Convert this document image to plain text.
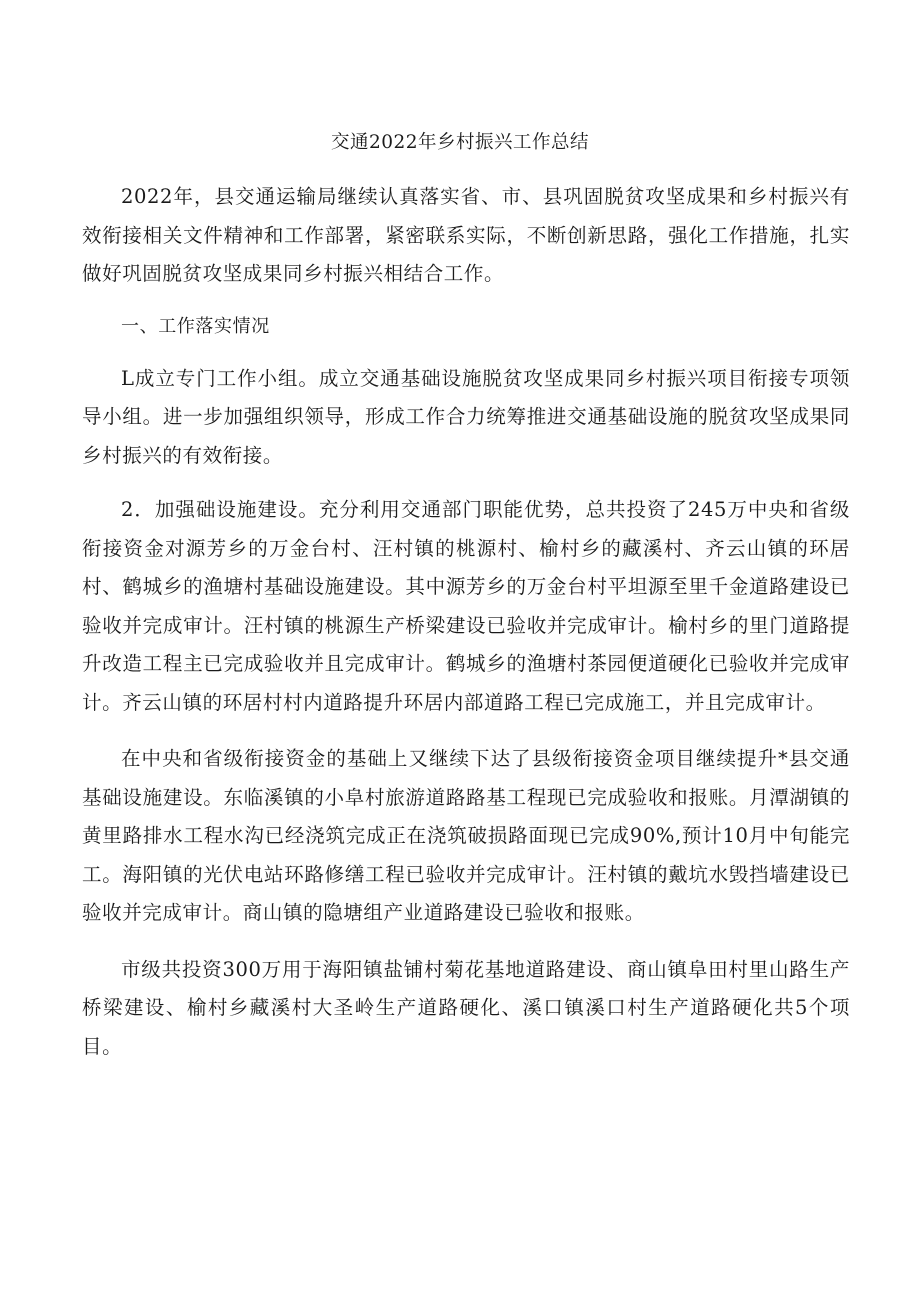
交通2022年乡村振兴工作总结

2022年，县交通运输局继续认真落实省、市、县巩固脱贫攻坚成果和乡村振兴有效衔接相关文件精神和工作部署，紧密联系实际，不断创新思路，强化工作措施，扎实做好巩固脱贫攻坚成果同乡村振兴相结合工作。

一、工作落实情况

L成立专门工作小组。成立交通基础设施脱贫攻坚成果同乡村振兴项目衔接专项领导小组。进一步加强组织领导，形成工作合力统筹推进交通基础设施的脱贫攻坚成果同乡村振兴的有效衔接。

2．加强础设施建设。充分利用交通部门职能优势，总共投资了245万中央和省级衔接资金对源芳乡的万金台村、汪村镇的桃源村、榆村乡的藏溪村、齐云山镇的环居村、鹤城乡的渔塘村基础设施建设。其中源芳乡的万金台村平坦源至里千金道路建设已验收并完成审计。汪村镇的桃源生产桥梁建设已验收并完成审计。榆村乡的里门道路提升改造工程主已完成验收并且完成审计。鹤城乡的渔塘村茶园便道硬化已验收并完成审计。齐云山镇的环居村村内道路提升环居内部道路工程已完成施工，并且完成审计。

在中央和省级衔接资金的基础上又继续下达了县级衔接资金项目继续提升*县交通基础设施建设。东临溪镇的小阜村旅游道路路基工程现已完成验收和报账。月潭湖镇的黄里路排水工程水沟已经浇筑完成正在浇筑破损路面现已完成90%,预计10月中旬能完工。海阳镇的光伏电站环路修缮工程已验收并完成审计。汪村镇的戴坑水毁挡墙建设已验收并完成审计。商山镇的隐塘组产业道路建设已验收和报账。

市级共投资300万用于海阳镇盐铺村菊花基地道路建设、商山镇阜田村里山路生产桥梁建设、榆村乡藏溪村大圣岭生产道路硬化、溪口镇溪口村生产道路硬化共5个项目。
